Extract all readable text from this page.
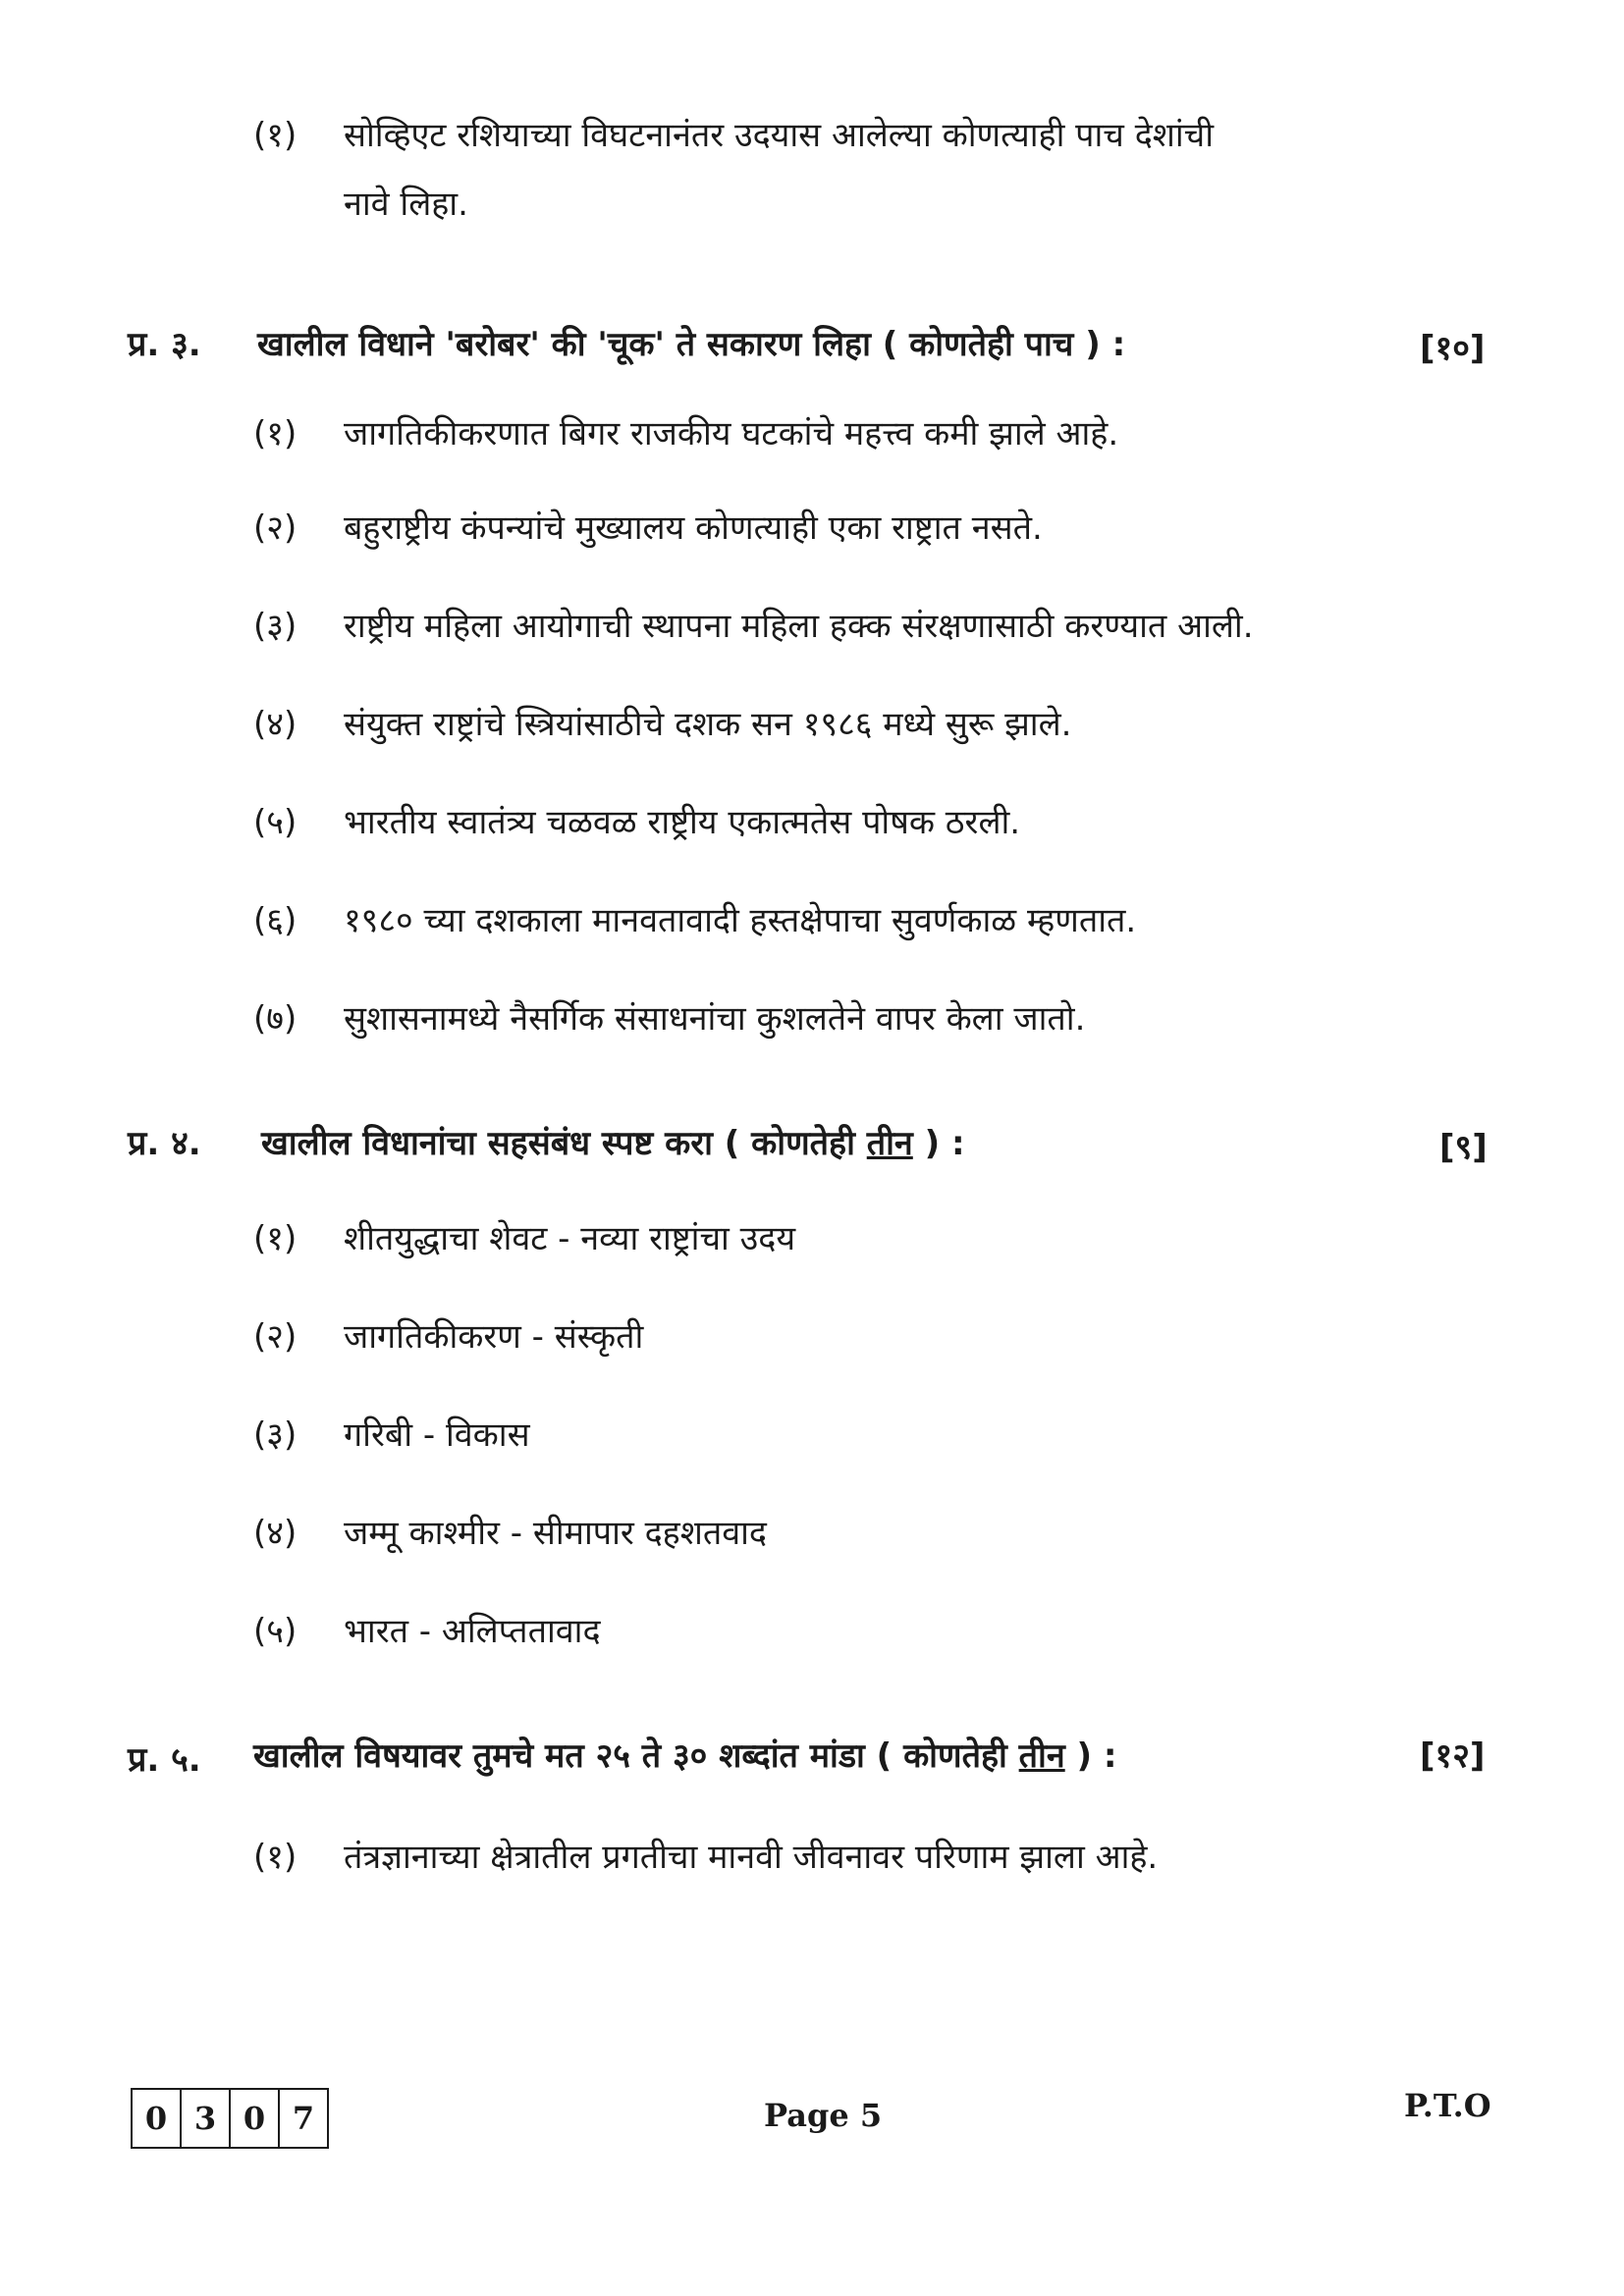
(१) सोव्हिएट रशियाच्या विघटनानंतर उदयास आलेल्या कोणत्याही पाच देशांची
नावे लिहा.
प्र. ३. खालील विधाने 'बरोबर' की 'चूक' ते सकारण लिहा ( कोणतेही पाच ) :	[१०]
(१) जागतिकीकरणात बिगर राजकीय घटकांचे महत्त्व कमी झाले आहे.
(२) बहुराष्ट्रीय कंपन्यांचे मुख्यालय कोणत्याही एका राष्ट्रात नसते.
(३) राष्ट्रीय महिला आयोगाची स्थापना महिला हक्क संरक्षणासाठी करण्यात आली.
(४) संयुक्त राष्ट्रांचे स्त्रियांसाठीचे दशक सन १९८६ मध्ये सुरू झाले.
(५) भारतीय स्वातंत्र्य चळवळ राष्ट्रीय एकात्मतेस पोषक ठरली.
(६) १९८० च्या दशकाला मानवतावादी हस्तक्षेपाचा सुवर्णकाळ म्हणतात.
(७) सुशासनामध्ये नैसर्गिक संसाधनांचा कुशलतेने वापर केला जातो.
प्र. ४. खालील विधानांचा सहसंबंध स्पष्ट करा ( कोणतेही तीन ) :	[९]
(१) शीतयुद्धाचा शेवट - नव्या राष्ट्रांचा उदय
(२) जागतिकीकरण - संस्कृती
(३) गरिबी - विकास
(४) जम्मू काश्मीर - सीमापार दहशतवाद
(५) भारत - अलिप्ततावाद
प्र. ५. खालील विषयावर तुमचे मत २५ ते ३० शब्दांत मांडा ( कोणतेही तीन ) :	[१२]
(१) तंत्रज्ञानाच्या क्षेत्रातील प्रगतीचा मानवी जीवनावर परिणाम झाला आहे.
0 3 0 7	Page 5	P.T.O
